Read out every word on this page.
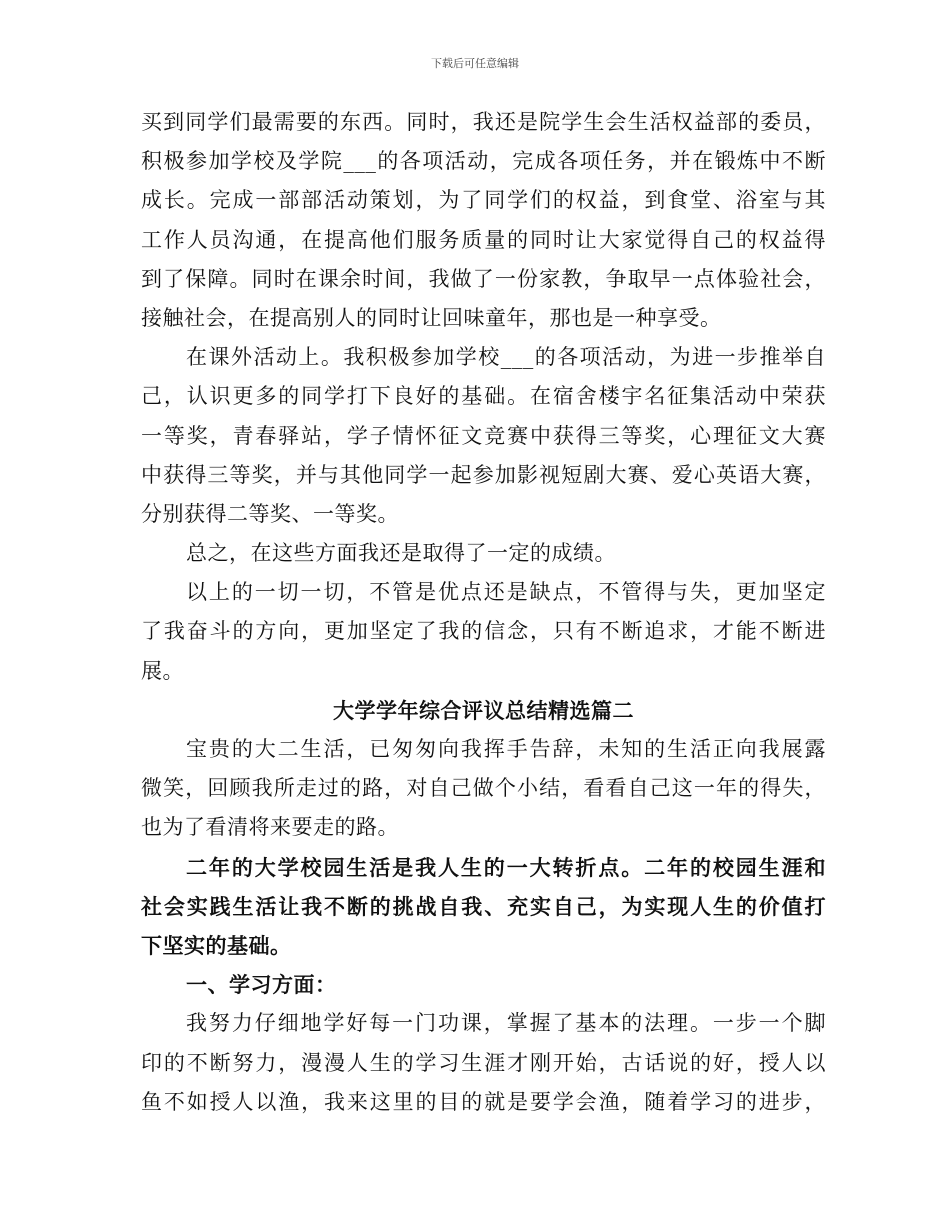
下载后可任意编辑
买到同学们最需要的东西。同时，我还是院学生会生活权益部的委员，
积极参加学校及学院___的各项活动，完成各项任务，并在锻炼中不断
成长。完成一部部活动策划，为了同学们的权益，到食堂、浴室与其
工作人员沟通，在提高他们服务质量的同时让大家觉得自己的权益得
到了保障。同时在课余时间，我做了一份家教，争取早一点体验社会，
接触社会，在提高别人的同时让回味童年，那也是一种享受。
在课外活动上。我积极参加学校___的各项活动，为进一步推举自
己，认识更多的同学打下良好的基础。在宿舍楼宇名征集活动中荣获
一等奖，青春驿站，学子情怀征文竞赛中获得三等奖，心理征文大赛
中获得三等奖，并与其他同学一起参加影视短剧大赛、爱心英语大赛，
分别获得二等奖、一等奖。
总之，在这些方面我还是取得了一定的成绩。
以上的一切一切，不管是优点还是缺点，不管得与失，更加坚定
了我奋斗的方向，更加坚定了我的信念，只有不断追求，才能不断进
展。
大学学年综合评议总结精选篇二
宝贵的大二生活，已匆匆向我挥手告辞，未知的生活正向我展露
微笑，回顾我所走过的路，对自己做个小结，看看自己这一年的得失，
也为了看清将来要走的路。
二年的大学校园生活是我人生的一大转折点。二年的校园生涯和
社会实践生活让我不断的挑战自我、充实自己，为实现人生的价值打
下坚实的基础。
一、学习方面：
我努力仔细地学好每一门功课，掌握了基本的法理。一步一个脚
印的不断努力，漫漫人生的学习生涯才刚开始，古话说的好，授人以
鱼不如授人以渔，我来这里的目的就是要学会渔，随着学习的进步，
